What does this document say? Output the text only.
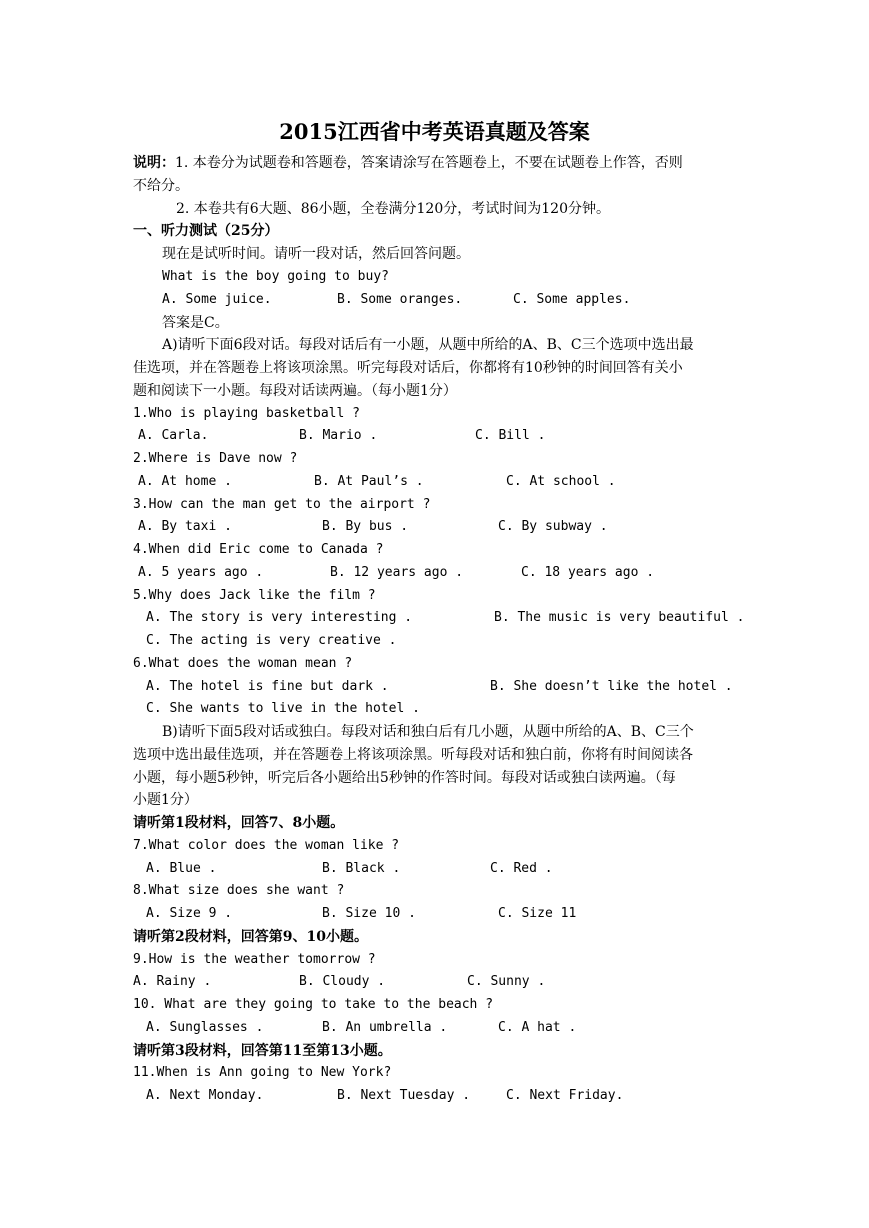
2015江西省中考英语真题及答案
说明：1. 本卷分为试题卷和答题卷，答案请涂写在答题卷上，不要在试题卷上作答，否则
不给分。
2. 本卷共有6大题、86小题，全卷满分120分，考试时间为120分钟。
一、听力测试（25分）
现在是试听时间。请听一段对话，然后回答问题。
What is the boy going to buy?
A. Some juice.	B. Some oranges.	C. Some apples.
答案是C。
A)请听下面6段对话。每段对话后有一小题，从题中所给的A、B、C三个选项中选出最
佳选项，并在答题卷上将该项涂黑。听完每段对话后，你都将有10秒钟的时间回答有关小
题和阅读下一小题。每段对话读两遍。（每小题1分）
1.Who is playing basketball ?
A. Carla.	B. Mario .	C. Bill .
2.Where is Dave now ?
A. At home .	B. At Paul’s .	C. At school .
3.How can the man get to the airport ?
A. By taxi .	B. By bus .	C. By subway .
4.When did Eric come to Canada ?
A. 5 years ago .	B. 12 years ago .	C. 18 years ago .
5.Why does Jack like the film ?
A. The story is very interesting .	B. The music is very beautiful .
C. The acting is very creative .
6.What does the woman mean ?
A. The hotel is fine but dark .	B. She doesn’t like the hotel .
C. She wants to live in the hotel .
B)请听下面5段对话或独白。每段对话和独白后有几小题，从题中所给的A、B、C三个
选项中选出最佳选项，并在答题卷上将该项涂黑。听每段对话和独白前，你将有时间阅读各
小题，每小题5秒钟，听完后各小题给出5秒钟的作答时间。每段对话或独白读两遍。（每
小题1分）
请听第1段材料，回答7、8小题。
7.What color does the woman like ?
A. Blue .	B. Black .	C. Red .
8.What size does she want ?
A. Size 9 .	B. Size 10 .	C. Size 11
请听第2段材料，回答第9、10小题。
9.How is the weather tomorrow ?
A. Rainy .	B. Cloudy .	C. Sunny .
10. What are they going to take to the beach ?
A. Sunglasses .	B. An umbrella .	C. A hat .
请听第3段材料，回答第11至第13小题。
11.When is Ann going to New York?
A. Next Monday.	B. Next Tuesday .	C. Next Friday.
